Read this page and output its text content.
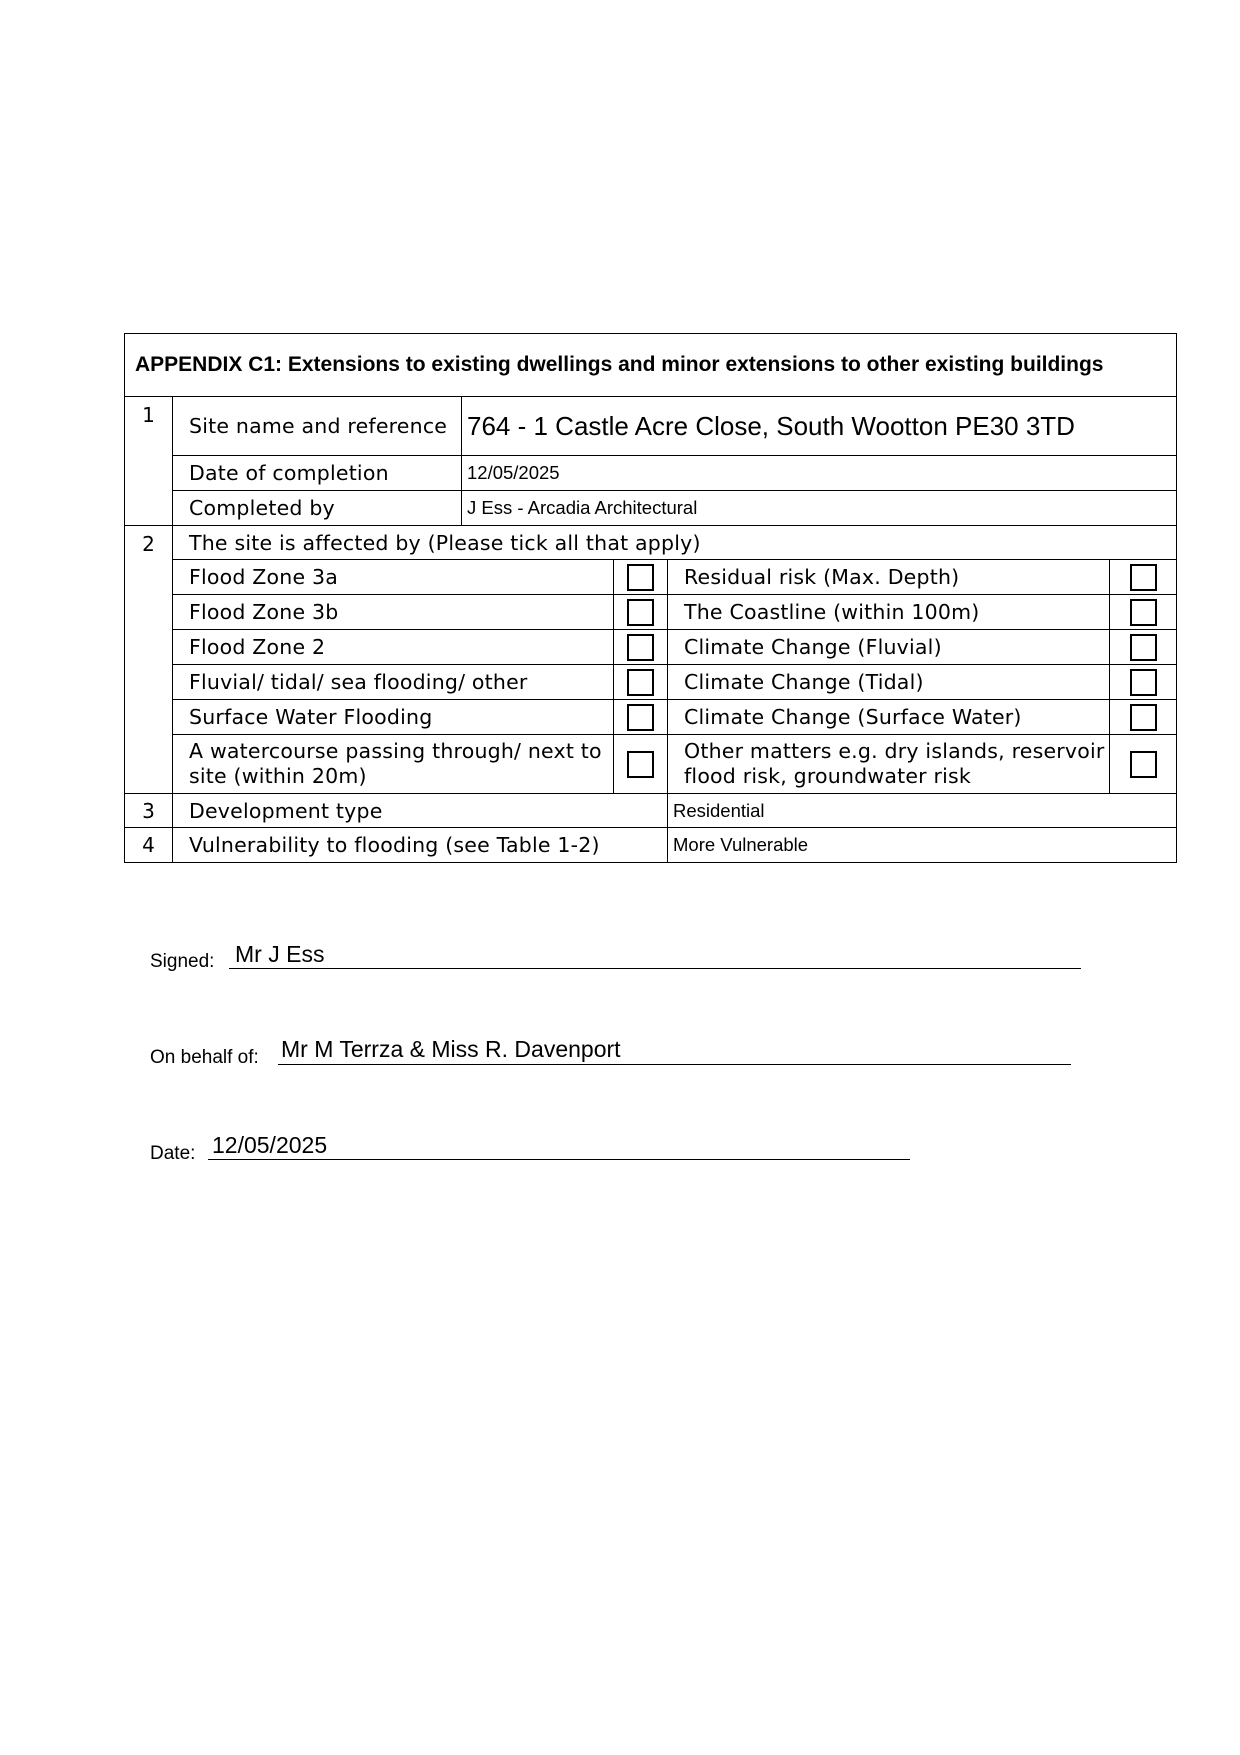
APPENDIX C1: Extensions to existing dwellings and minor extensions to other existing buildings					
1	Site name and reference	764 - 1 Castle Acre Close, South Wootton PE30 3TD			
	Date of completion	12/05/2025			
	Completed by	J Ess - Arcadia Architectural			
2	The site is affected by (Please tick all that apply)				
	Flood Zone 3a			Residual risk (Max. Depth)	
	Flood Zone 3b			The Coastline (within 100m)	
	Flood Zone 2			Climate Change (Fluvial)	
	Fluvial/ tidal/ sea flooding/ other			Climate Change (Tidal)	
	Surface Water Flooding			Climate Change (Surface Water)	
	A watercourse passing through/ next to site (within 20m)			Other matters e.g. dry islands, reservoir flood risk, groundwater risk	
3	Development type			Residential	
4	Vulnerability to flooding (see Table 1-2)			More Vulnerable	
Signed: Mr J Ess
On behalf of: Mr M Terrza & Miss R. Davenport
Date: 12/05/2025
